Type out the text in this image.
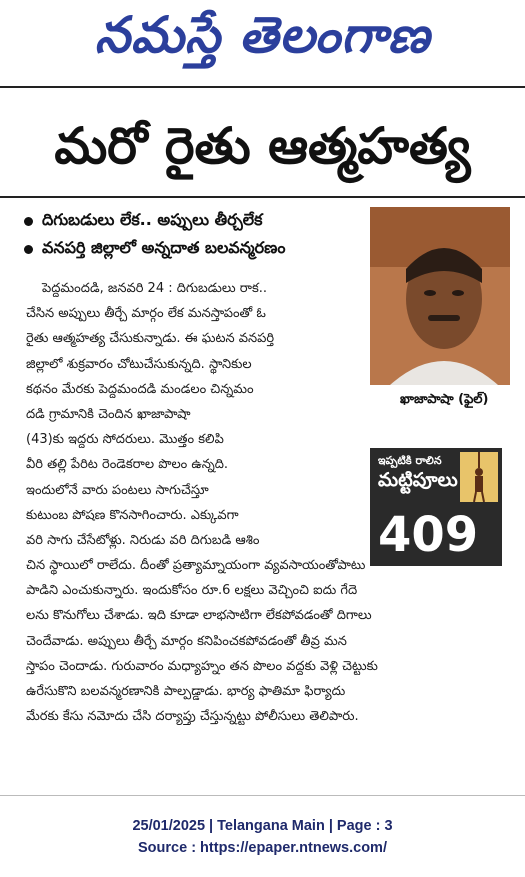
నమస్తే తెలంగాణ
మరో రైతు ఆత్మహత్య
దిగుబడులు లేక.. అప్పులు తీర్చలేక
వనపర్తి జిల్లాలో అన్నదాత బలవన్మరణం
ఖాజాపాషా (ఫైల్)
ఇప్పటికి రాలిన
మట్టిపూలు
409
పెద్దమందడి, జనవరి 24 : దిగుబడులు రాక..
చేసిన అప్పులు తీర్చే మార్గం లేక మనస్తాపంతో ఓ
రైతు ఆత్మహత్య చేసుకున్నాడు. ఈ ఘటన వనపర్తి
జిల్లాలో శుక్రవారం చోటుచేసుకున్నది. స్థానికుల
కథనం మేరకు పెద్దమందడి మండలం చిన్నమం
దడి గ్రామానికి చెందిన ఖాజాపాషా
(43)కు ఇద్దరు సోదరులు. మొత్తం కలిపి
వీరి తల్లి పేరిట రెండెకరాల పొలం ఉన్నది.
ఇందులోనే వారు పంటలు సాగుచేస్తూ
కుటుంబ పోషణ కొనసాగించారు. ఎక్కువగా
వరి సాగు చేసేటోళ్లు. నిరుడు వరి దిగుబడి ఆశిం
చిన స్థాయిలో రాలేదు. దీంతో ప్రత్యామ్నాయంగా వ్యవసాయంతోపాటు
పాడిని ఎంచుకున్నారు. ఇందుకోసం రూ.6 లక్షలు వెచ్చించి ఐదు గేదె
లను కొనుగోలు చేశాడు. ఇది కూడా లాభసాటిగా లేకపోవడంతో దిగాలు
చెందేవాడు. అప్పులు తీర్చే మార్గం కనిపించకపోవడంతో తీవ్ర మన
స్తాపం చెందాడు. గురువారం మధ్యాహ్నం తన పొలం వద్దకు వెళ్లి చెట్టుకు
ఉరేసుకొని బలవన్మరణానికి పాల్పడ్డాడు. భార్య ఫాతిమా ఫిర్యాదు
మేరకు కేసు నమోదు చేసి దర్యాప్తు చేస్తున్నట్టు పోలీసులు తెలిపారు.
25/01/2025 | Telangana Main | Page : 3
Source : https://epaper.ntnews.com/
